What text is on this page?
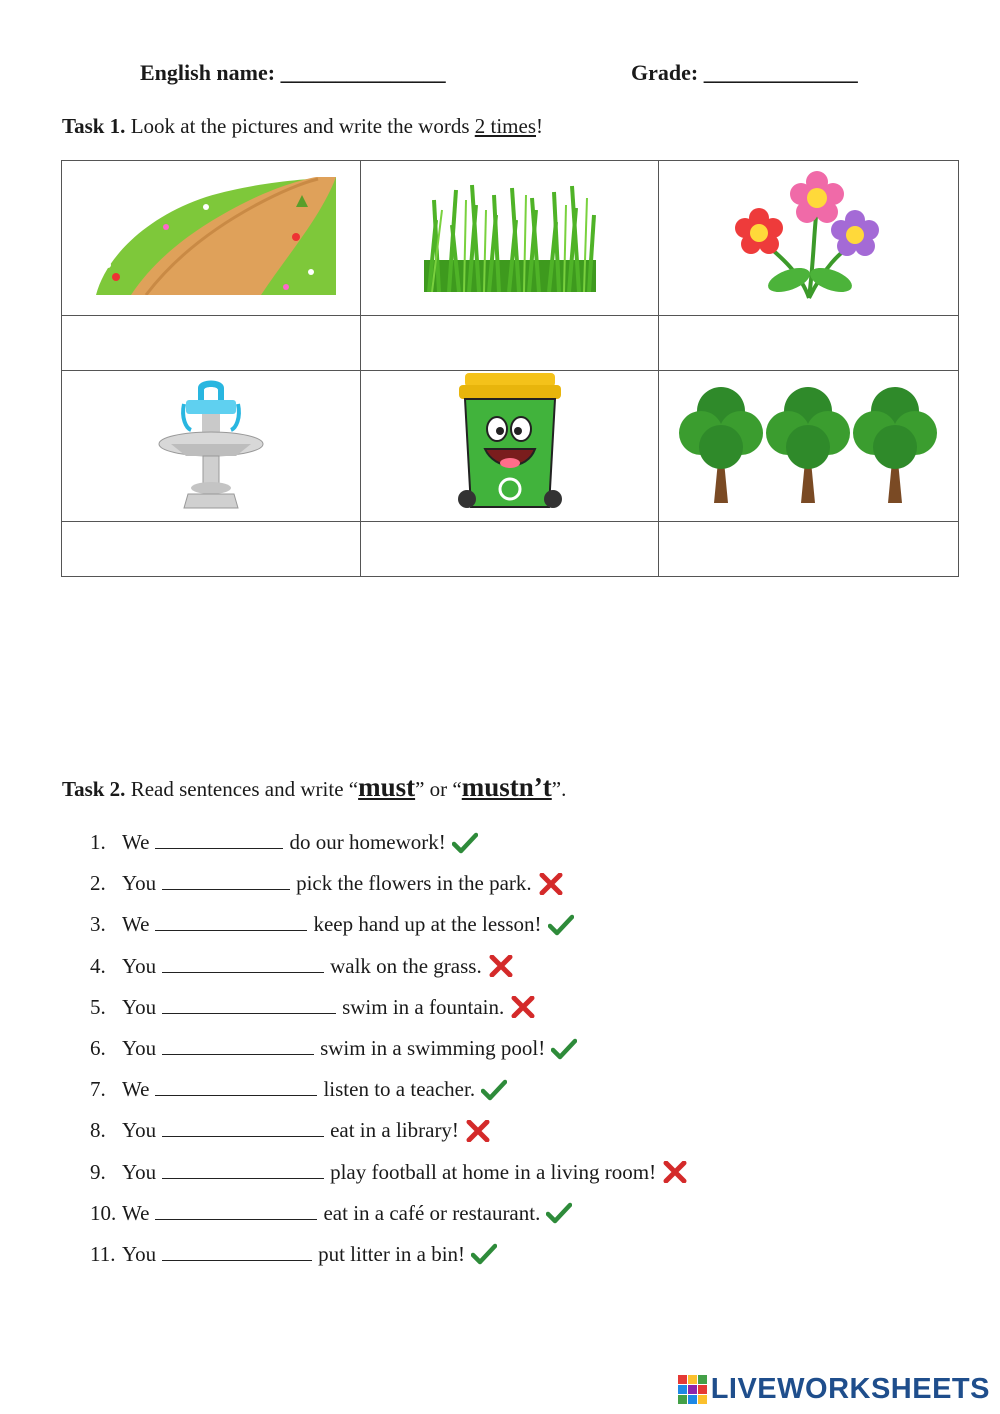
English name: _______________	Grade: ______________
Task 1. Look at the pictures and write the words 2 times!

Task 2. Read sentences and write “must” or “mustn’t”.
1. We	do our homework!
2. You	pick the flowers in the park.
3. We	keep hand up at the lesson!
4. You	walk on the grass.
5. You	swim in a fountain.
6. You	swim in a swimming pool!
7. We	listen to a teacher.
8. You	eat in a library!
9. You	play football at home in a living room!
10. We	eat in a café or restaurant.
11. You	put litter in a bin!
LIVEWORKSHEETS
